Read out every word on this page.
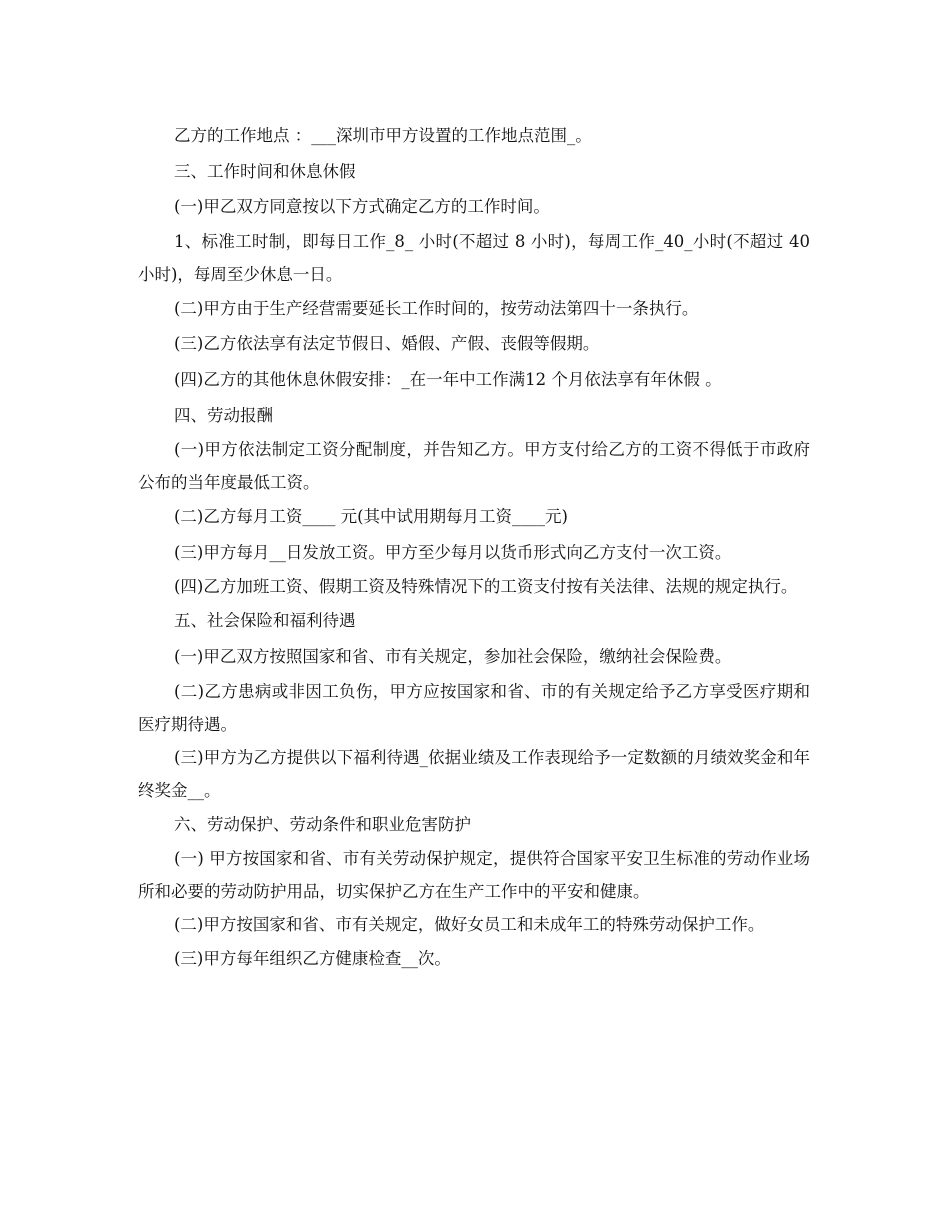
乙方的工作地点 ：___深圳市甲方设置的工作地点范围_。

三、工作时间和休息休假

(一)甲乙双方同意按以下方式确定乙方的工作时间。

1、标准工时制，即每日工作_8_ 小时(不超过 8 小时)，每周工作_40_小时(不超过 40 小时)，每周至少休息一日。

(二)甲方由于生产经营需要延长工作时间的，按劳动法第四十一条执行。

(三)乙方依法享有法定节假日、婚假、产假、丧假等假期。

(四)乙方的其他休息休假安排：_在一年中工作满12 个月依法享有年休假 。

四、劳动报酬

(一)甲方依法制定工资分配制度，并告知乙方。甲方支付给乙方的工资不得低于市政府公布的当年度最低工资。

(二)乙方每月工资____ 元(其中试用期每月工资____元)

(三)甲方每月__日发放工资。甲方至少每月以货币形式向乙方支付一次工资。

(四)乙方加班工资、假期工资及特殊情况下的工资支付按有关法律、法规的规定执行。

五、社会保险和福利待遇

(一)甲乙双方按照国家和省、市有关规定，参加社会保险，缴纳社会保险费。

(二)乙方患病或非因工负伤，甲方应按国家和省、市的有关规定给予乙方享受医疗期和医疗期待遇。

(三)甲方为乙方提供以下福利待遇_依据业绩及工作表现给予一定数额的月绩效奖金和年终奖金__。

六、劳动保护、劳动条件和职业危害防护

(一) 甲方按国家和省、市有关劳动保护规定，提供符合国家平安卫生标准的劳动作业场所和必要的劳动防护用品，切实保护乙方在生产工作中的平安和健康。

(二)甲方按国家和省、市有关规定，做好女员工和未成年工的特殊劳动保护工作。

(三)甲方每年组织乙方健康检查__次。
